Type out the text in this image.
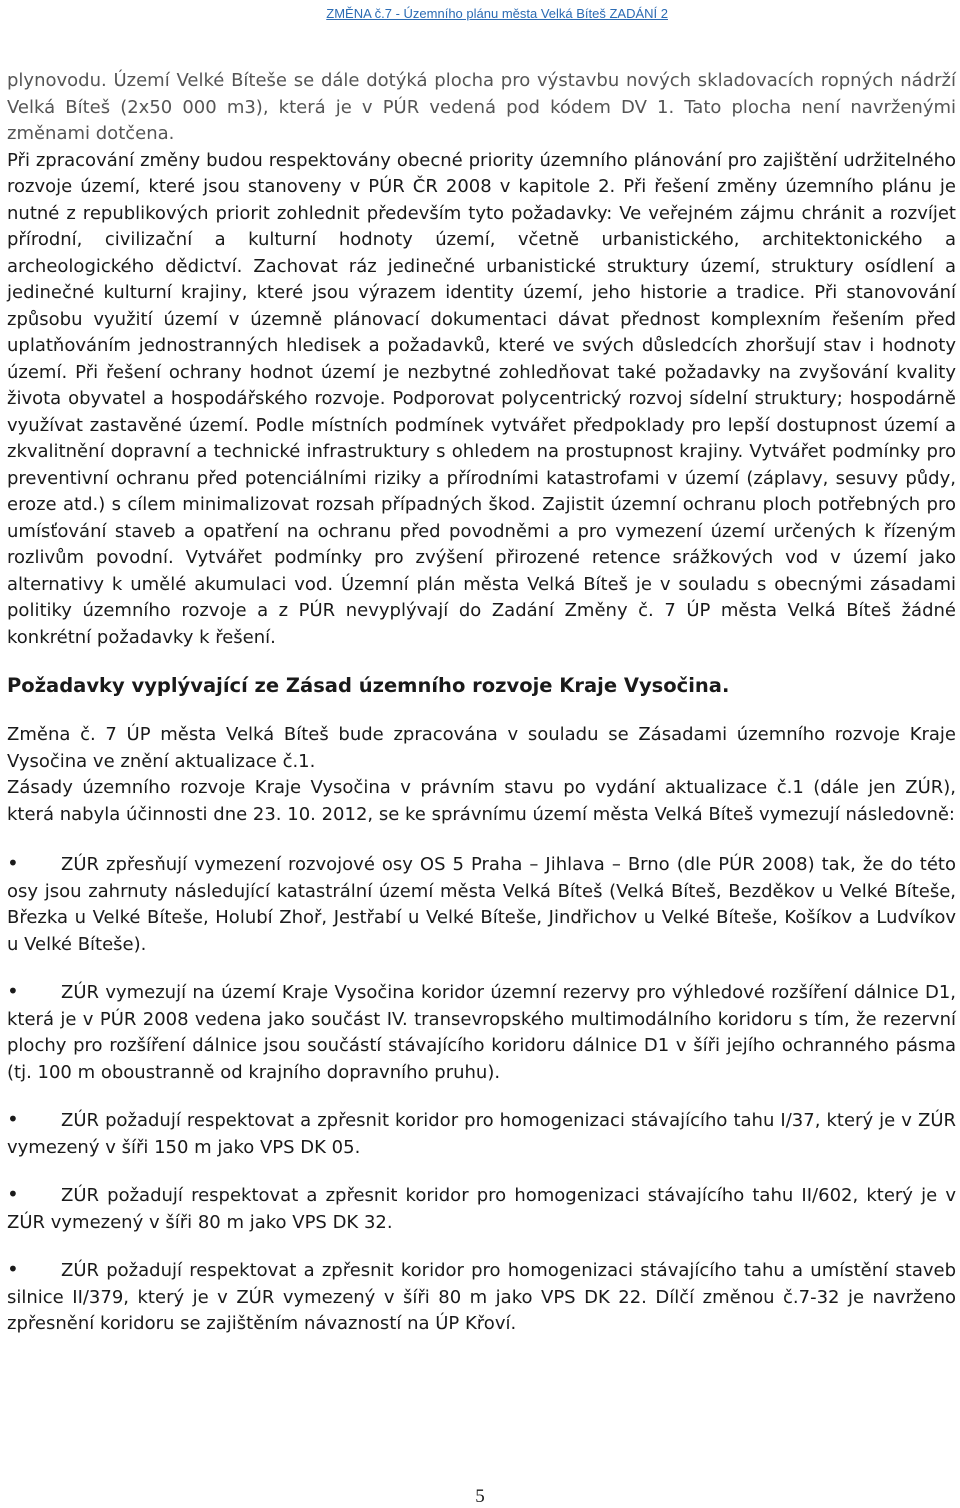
ZMĚNA č.7 - Územního plánu města Velká Bíteš ZADÁNÍ 2

plynovodu. Území Velké Bíteše se dále dotýká plocha pro výstavbu nových skladovacích ropných nádrží Velká Bíteš (2x50 000 m3), která je v PÚR vedená pod kódem DV 1. Tato plocha není navrženými změnami dotčena.

Při zpracování změny budou respektovány obecné priority územního plánování pro zajištění udržitelného rozvoje území, které jsou stanoveny v PÚR ČR 2008 v kapitole 2. Při řešení změny územního plánu je nutné z republikových priorit zohlednit především tyto požadavky: Ve veřejném zájmu chránit a rozvíjet přírodní, civilizační a kulturní hodnoty území, včetně urbanistického, architektonického a archeologického dědictví. Zachovat ráz jedinečné urbanistické struktury území, struktury osídlení a jedinečné kulturní krajiny, které jsou výrazem identity území, jeho historie a tradice. Při stanovování způsobu využití území v územně plánovací dokumentaci dávat přednost komplexním řešením před uplatňováním jednostranných hledisek a požadavků, které ve svých důsledcích zhoršují stav i hodnoty území. Při řešení ochrany hodnot území je nezbytné zohledňovat také požadavky na zvyšování kvality života obyvatel a hospodářského rozvoje. Podporovat polycentrický rozvoj sídelní struktury; hospodárně využívat zastavěné území. Podle místních podmínek vytvářet předpoklady pro lepší dostupnost území a zkvalitnění dopravní a technické infrastruktury s ohledem na prostupnost krajiny. Vytvářet podmínky pro preventivní ochranu před potenciálními riziky a přírodními katastrofami v území (záplavy, sesuvy půdy, eroze atd.) s cílem minimalizovat rozsah případných škod. Zajistit územní ochranu ploch potřebných pro umísťování staveb a opatření na ochranu před povodněmi a pro vymezení území určených k řízeným rozlivům povodní. Vytvářet podmínky pro zvýšení přirozené retence srážkových vod v území jako alternativy k umělé akumulaci vod. Územní plán města Velká Bíteš je v souladu s obecnými zásadami politiky územního rozvoje a z PÚR nevyplývají do Zadání Změny č. 7 ÚP města Velká Bíteš žádné konkrétní požadavky k řešení.

Požadavky vyplývající ze Zásad územního rozvoje Kraje Vysočina.

Změna č. 7 ÚP města Velká Bíteš bude zpracována v souladu se Zásadami územního rozvoje Kraje Vysočina ve znění aktualizace č.1.

Zásady územního rozvoje Kraje Vysočina v právním stavu po vydání aktualizace č.1 (dále jen ZÚR), která nabyla účinnosti dne 23. 10. 2012, se ke správnímu území města Velká Bíteš vymezují následovně:

•ZÚR zpřesňují vymezení rozvojové osy OS 5 Praha – Jihlava – Brno (dle PÚR 2008) tak, že do této osy jsou zahrnuty následující katastrální území města Velká Bíteš (Velká Bíteš, Bezděkov u Velké Bíteše, Březka u Velké Bíteše, Holubí Zhoř, Jestřabí u Velké Bíteše, Jindřichov u Velké Bíteše, Košíkov a Ludvíkov u Velké Bíteše).
•ZÚR vymezují na území Kraje Vysočina koridor územní rezervy pro výhledové rozšíření dálnice D1, která je v PÚR 2008 vedena jako součást IV. transevropského multimodálního koridoru s tím, že rezervní plochy pro rozšíření dálnice jsou součástí stávajícího koridoru dálnice D1 v šíři jejího ochranného pásma (tj. 100 m oboustranně od krajního dopravního pruhu).
•ZÚR požadují respektovat a zpřesnit koridor pro homogenizaci stávajícího tahu I/37, který je v ZÚR vymezený v šíři 150 m jako VPS DK 05.
•ZÚR požadují respektovat a zpřesnit koridor pro homogenizaci stávajícího tahu II/602, který je v ZÚR vymezený v šíři 80 m jako VPS DK 32.
•ZÚR požadují respektovat a zpřesnit koridor pro homogenizaci stávajícího tahu a umístění staveb silnice II/379, který je v ZÚR vymezený v šíři 80 m jako VPS DK 22. Dílčí změnou č.7-32 je navrženo zpřesnění koridoru se zajištěním návazností na ÚP Křoví.
5
